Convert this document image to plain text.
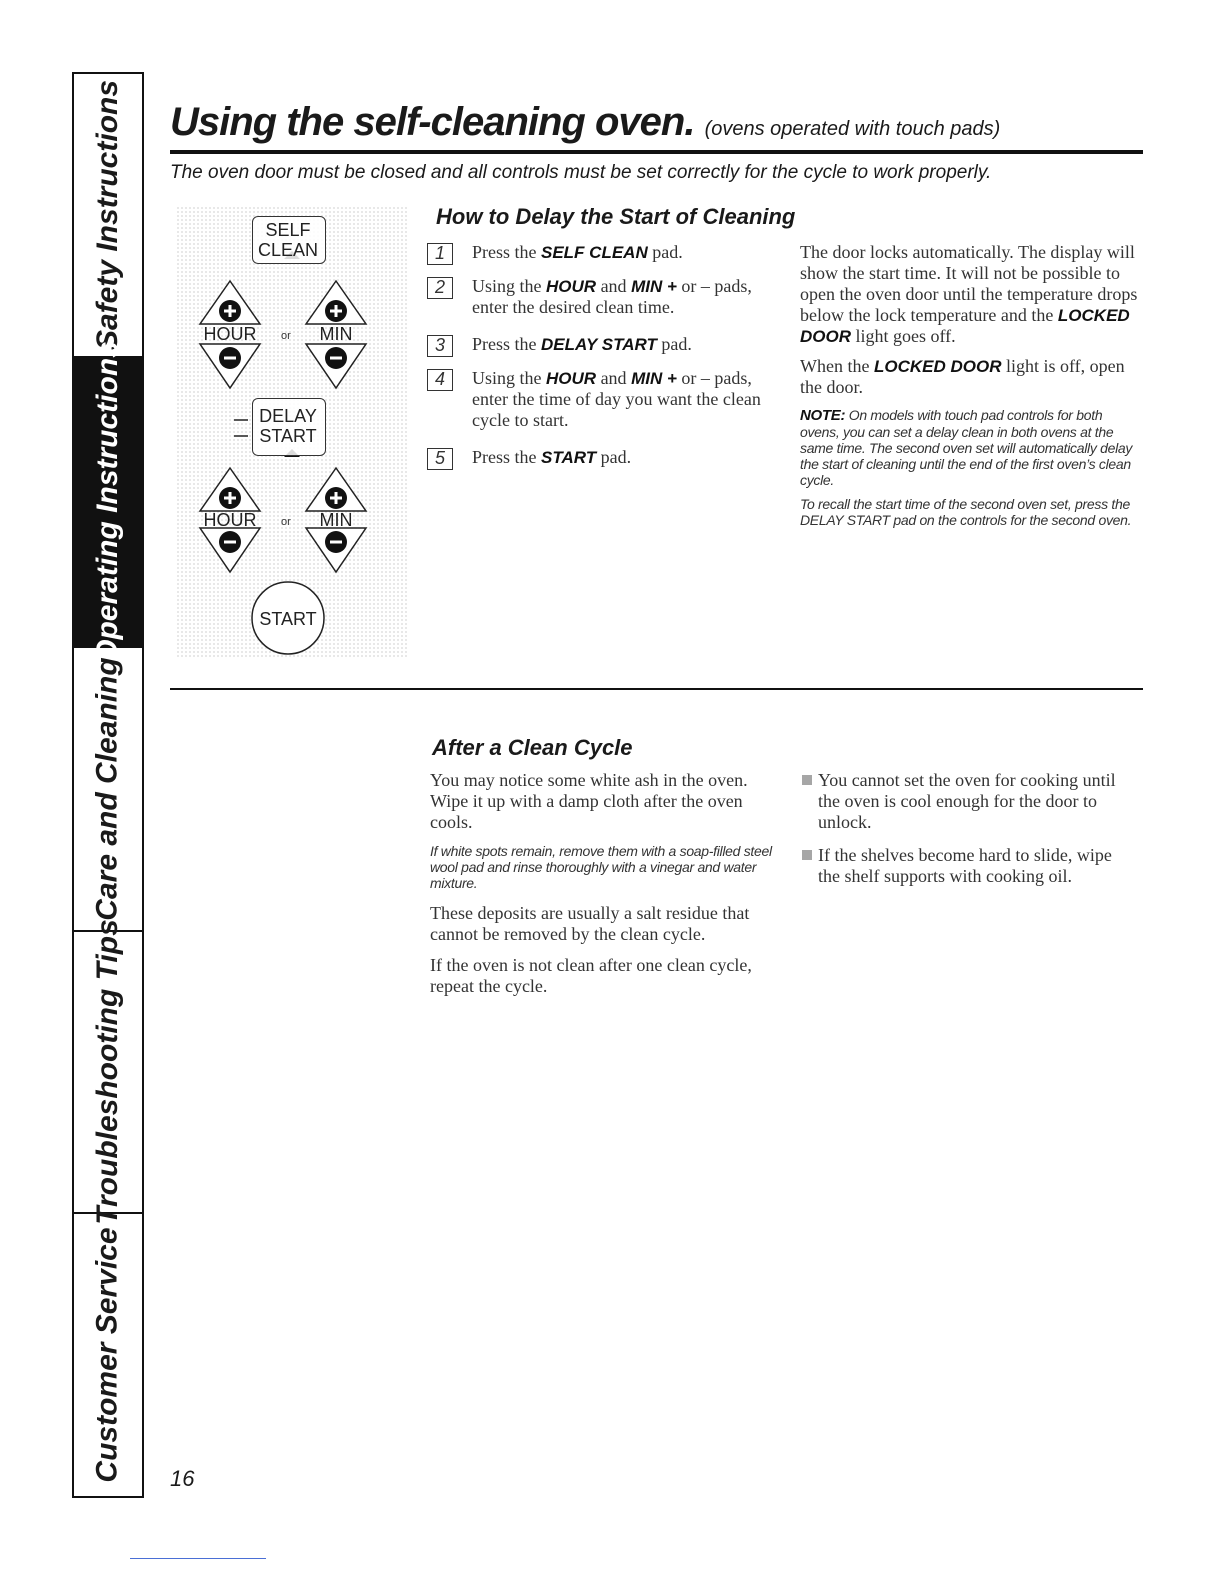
Safety Instructions
Operating Instructions
Care and Cleaning
Troubleshooting Tips
Customer Service
Using the self-cleaning oven. (ovens operated with touch pads)
The oven door must be closed and all controls must be set correctly for the cycle to work properly.
SELF
CLEAN
HOUR	or	MIN
DELAY
START
HOUR	or	MIN
START
How to Delay the Start of Cleaning
1	Press the SELF CLEAN pad.
2	Using the HOUR and MIN + or – pads, enter the desired clean time.
3	Press the DELAY START pad.
4	Using the HOUR and MIN + or – pads, enter the time of day you want the clean cycle to start.
5	Press the START pad.

The door locks automatically. The display will show the start time. It will not be possible to open the oven door until the temperature drops below the lock temperature and the LOCKED DOOR light goes off.

When the LOCKED DOOR light is off, open the door.

NOTE: On models with touch pad controls for both ovens, you can set a delay clean in both ovens at the same time. The second oven set will automatically delay the start of cleaning until the end of the first oven’s clean cycle.

To recall the start time of the second oven set, press the DELAY START pad on the controls for the second oven.

After a Clean Cycle

You may notice some white ash in the oven. Wipe it up with a damp cloth after the oven cools.

If white spots remain, remove them with a soap-filled steel wool pad and rinse thoroughly with a vinegar and water mixture.

These deposits are usually a salt residue that cannot be removed by the clean cycle.

If the oven is not clean after one clean cycle, repeat the cycle.

You cannot set the oven for cooking until the oven is cool enough for the door to unlock.
If the shelves become hard to slide, wipe the shelf supports with cooking oil.
16
